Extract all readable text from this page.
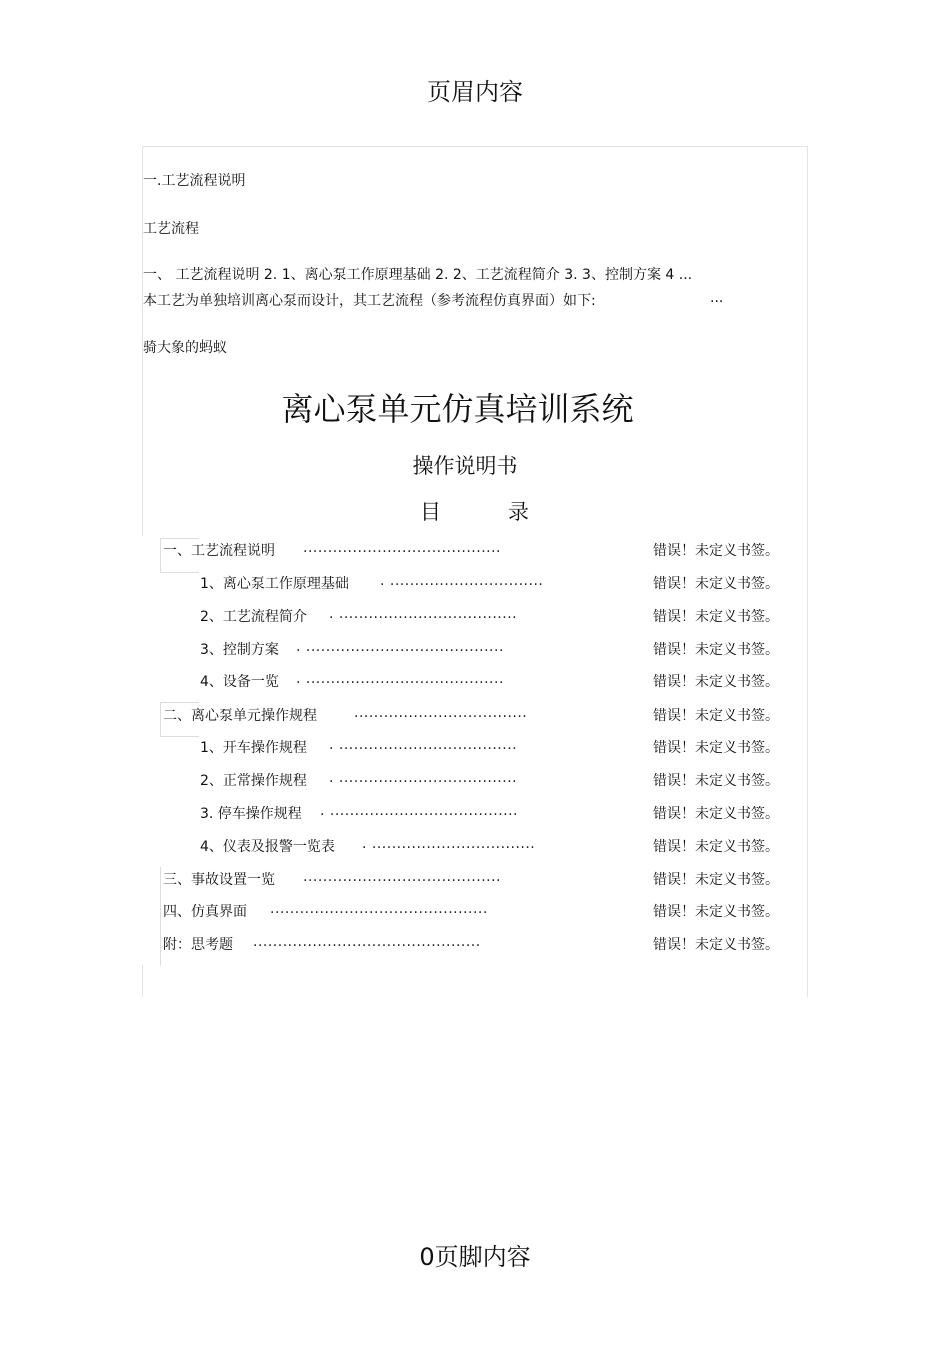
页眉内容
一.工艺流程说明
工艺流程
一、 工艺流程说明 2. 1、离心泵工作原理基础 2. 2、工艺流程简介 3. 3、控制方案 4 ...
本工艺为单独培训离心泵而设计，其工艺流程（参考流程仿真界面）如下:	...
骑大象的蚂蚁
离心泵单元仿真培训系统
操作说明书
目	录
一、工艺流程说明 ........................................	错误！未定义书签。
1、离心泵工作原理基础 . ...............................	错误！未定义书签。
2、工艺流程简介 . ....................................	错误！未定义书签。
3、控制方案 . ........................................	错误！未定义书签。
4、设备一览 . ........................................	错误！未定义书签。
二、离心泵单元操作规程	...................................	错误！未定义书签。
1、开车操作规程 . ....................................	错误！未定义书签。
2、正常操作规程 . ....................................	错误！未定义书签。
3. 停车操作规程 . ......................................	错误！未定义书签。
4、仪表及报警一览表 . .................................	错误！未定义书签。
三、事故设置一览 ........................................	错误！未定义书签。
四、仿真界面 ............................................	错误！未定义书签。
附：思考题 ..............................................	错误！未定义书签。
0页脚内容
